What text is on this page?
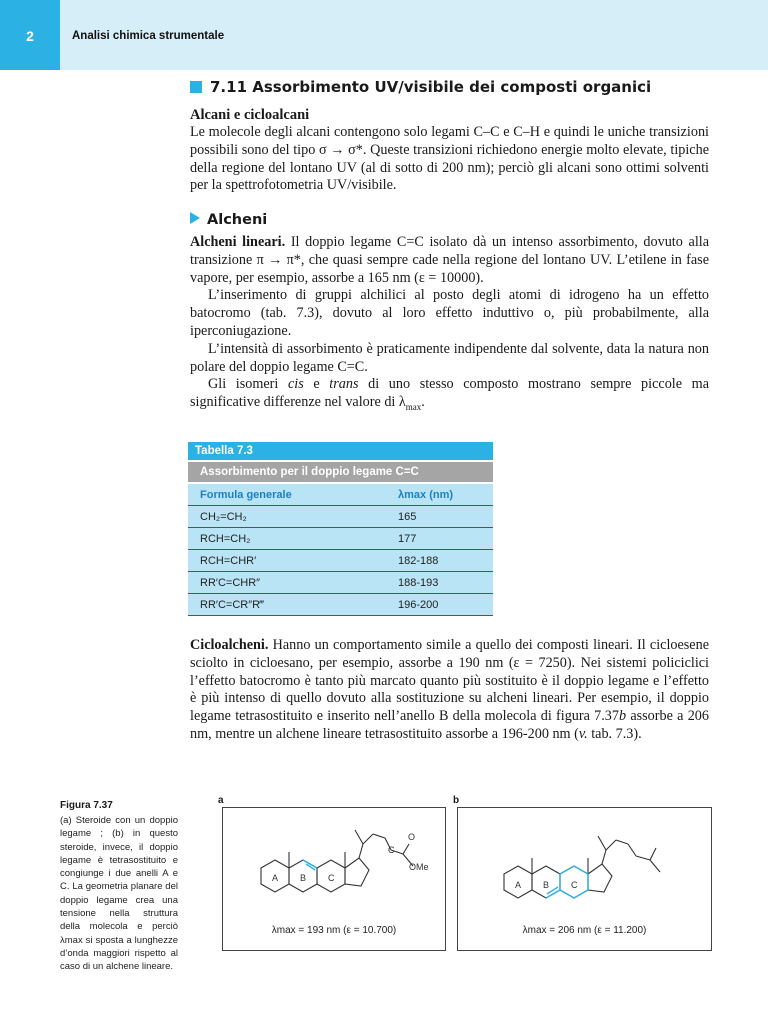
2	Analisi chimica strumentale
7.11 Assorbimento UV/visibile dei composti organici
Alcani e cicloalcani

Le molecole degli alcani contengono solo legami C–C e C–H e quindi le uniche transizioni possibili sono del tipo σ → σ*. Queste transizioni richiedono energie molto elevate, tipiche della regione del lontano UV (al di sotto di 200 nm); perciò gli alcani sono ottimi solventi per la spettrofotometria UV/visibile.

Alcheni

Alcheni lineari. Il doppio legame C=C isolato dà un intenso assorbimento, dovuto alla transizione π → π*, che quasi sempre cade nella regione del lontano UV. L’etilene in fase vapore, per esempio, assorbe a 165 nm (ε = 10000).

L’inserimento di gruppi alchilici al posto degli atomi di idrogeno ha un effetto batocromo (tab. 7.3), dovuto al loro effetto induttivo o, più probabilmente, alla iperconiugazione.

L’intensità di assorbimento è praticamente indipendente dal solvente, data la natura non polare del doppio legame C=C.

Gli isomeri cis e trans di uno stesso composto mostrano sempre piccole ma significative differenze nel valore di $\lambda_{max}$.

Tabella 7.3
Assorbimento per il doppio legame C=C
Formula generale	λmax (nm)
CH₂=CH₂	165
RCH=CH₂	177
RCH=CHR′	182-188
RR′C=CHR″	188-193
RR′C=CR″R‴	196-200

Cicloalcheni. Hanno un comportamento simile a quello dei composti lineari. Il cicloesene sciolto in cicloesano, per esempio, assorbe a 190 nm (ε = 7250). Nei sistemi policiclici l’effetto batocromo è tanto più marcato quanto più sostituito è il doppio legame e l’effetto è più intenso di quello dovuto alla sostituzione su alcheni lineari. Per esempio, il doppio legame tetrasostituito e inserito nell’anello B della molecola di figura 7.37b assorbe a 206 nm, mentre un alchene lineare tetrasostituito assorbe a 196-200 nm (v. tab. 7.3).

Figura 7.37
(a) Steroide con un doppio legame ; (b) in questo steroide, invece, il doppio legame è tetrasostituito e congiunge i due anelli A e C. La geometria planare del doppio legame crea una tensione nella struttura della molecola e perciò λmax si sposta a lunghezze d’onda maggiori rispetto al caso di un alchene lineare.
a	b
A B C
C
O
OMe
λmax = 193 nm (ε = 10.700)
A B C
λmax = 206 nm (ε = 11.200)
